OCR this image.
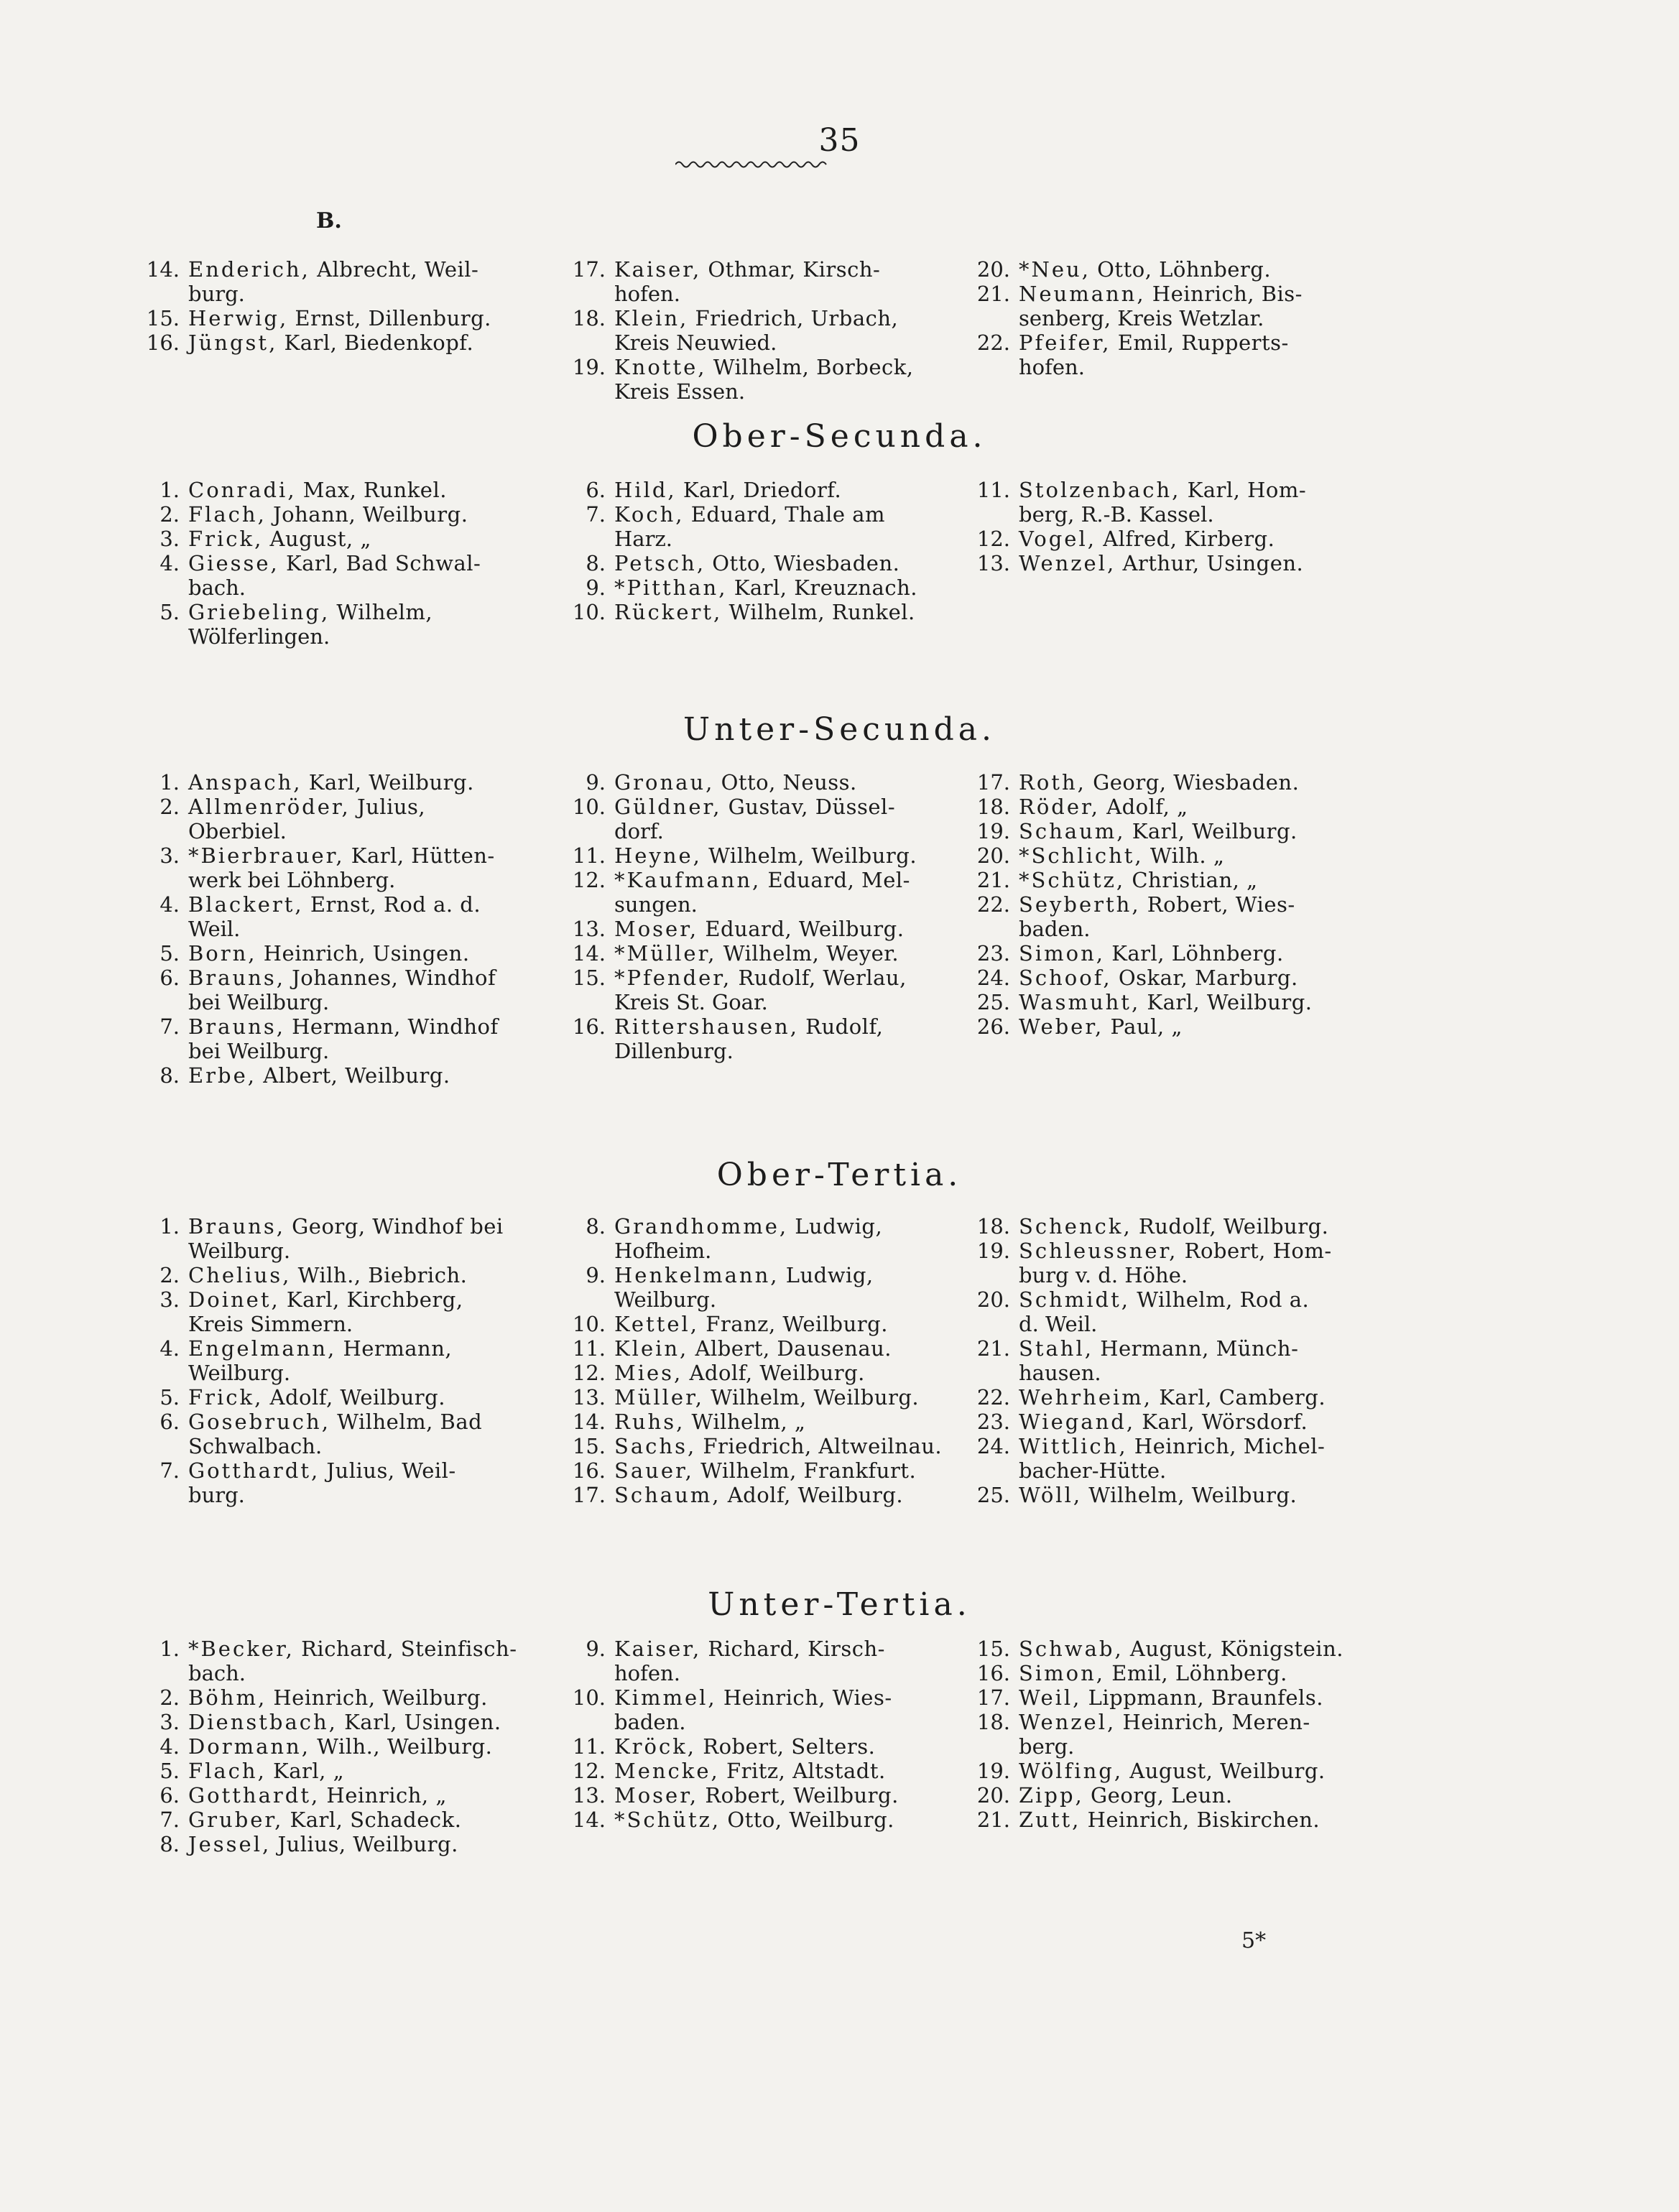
35
B.
14. Enderich, Albrecht, Weil-
burg.
15. Herwig, Ernst, Dillenburg.
16. Jüngst, Karl, Biedenkopf.
17. Kaiser, Othmar, Kirsch-
hofen.
18. Klein, Friedrich, Urbach,
Kreis Neuwied.
19. Knotte, Wilhelm, Borbeck,
Kreis Essen.
20. *Neu, Otto, Löhnberg.
21. Neumann, Heinrich, Bis-
senberg, Kreis Wetzlar.
22. Pfeifer, Emil, Rupperts-
hofen.
Ober-Secunda.
1. Conradi, Max, Runkel.
2. Flach, Johann, Weilburg.
3. Frick, August, „
4. Giesse, Karl, Bad Schwal-
bach.
5. Griebeling, Wilhelm,
Wölferlingen.
6. Hild, Karl, Driedorf.
7. Koch, Eduard, Thale am
Harz.
8. Petsch, Otto, Wiesbaden.
9. *Pitthan, Karl, Kreuznach.
10. Rückert, Wilhelm, Runkel.
11. Stolzenbach, Karl, Hom-
berg, R.-B. Kassel.
12. Vogel, Alfred, Kirberg.
13. Wenzel, Arthur, Usingen.
Unter-Secunda.
1. Anspach, Karl, Weilburg.
2. Allmenröder, Julius,
Oberbiel.
3. *Bierbrauer, Karl, Hütten-
werk bei Löhnberg.
4. Blackert, Ernst, Rod a. d.
Weil.
5. Born, Heinrich, Usingen.
6. Brauns, Johannes, Windhof
bei Weilburg.
7. Brauns, Hermann, Windhof
bei Weilburg.
8. Erbe, Albert, Weilburg.
9. Gronau, Otto, Neuss.
10. Güldner, Gustav, Düssel-
dorf.
11. Heyne, Wilhelm, Weilburg.
12. *Kaufmann, Eduard, Mel-
sungen.
13. Moser, Eduard, Weilburg.
14. *Müller, Wilhelm, Weyer.
15. *Pfender, Rudolf, Werlau,
Kreis St. Goar.
16. Rittershausen, Rudolf,
Dillenburg.
17. Roth, Georg, Wiesbaden.
18. Röder, Adolf, „
19. Schaum, Karl, Weilburg.
20. *Schlicht, Wilh. „
21. *Schütz, Christian, „
22. Seyberth, Robert, Wies-
baden.
23. Simon, Karl, Löhnberg.
24. Schoof, Oskar, Marburg.
25. Wasmuht, Karl, Weilburg.
26. Weber, Paul, „
Ober-Tertia.
1. Brauns, Georg, Windhof bei
Weilburg.
2. Chelius, Wilh., Biebrich.
3. Doinet, Karl, Kirchberg,
Kreis Simmern.
4. Engelmann, Hermann,
Weilburg.
5. Frick, Adolf, Weilburg.
6. Gosebruch, Wilhelm, Bad
Schwalbach.
7. Gotthardt, Julius, Weil-
burg.
8. Grandhomme, Ludwig,
Hofheim.
9. Henkelmann, Ludwig,
Weilburg.
10. Kettel, Franz, Weilburg.
11. Klein, Albert, Dausenau.
12. Mies, Adolf, Weilburg.
13. Müller, Wilhelm, Weilburg.
14. Ruhs, Wilhelm, „
15. Sachs, Friedrich, Altweilnau.
16. Sauer, Wilhelm, Frankfurt.
17. Schaum, Adolf, Weilburg.
18. Schenck, Rudolf, Weilburg.
19. Schleussner, Robert, Hom-
burg v. d. Höhe.
20. Schmidt, Wilhelm, Rod a.
d. Weil.
21. Stahl, Hermann, Münch-
hausen.
22. Wehrheim, Karl, Camberg.
23. Wiegand, Karl, Wörsdorf.
24. Wittlich, Heinrich, Michel-
bacher-Hütte.
25. Wöll, Wilhelm, Weilburg.
Unter-Tertia.
1. *Becker, Richard, Steinfisch-
bach.
2. Böhm, Heinrich, Weilburg.
3. Dienstbach, Karl, Usingen.
4. Dormann, Wilh., Weilburg.
5. Flach, Karl, „
6. Gotthardt, Heinrich, „
7. Gruber, Karl, Schadeck.
8. Jessel, Julius, Weilburg.
9. Kaiser, Richard, Kirsch-
hofen.
10. Kimmel, Heinrich, Wies-
baden.
11. Kröck, Robert, Selters.
12. Mencke, Fritz, Altstadt.
13. Moser, Robert, Weilburg.
14. *Schütz, Otto, Weilburg.
15. Schwab, August, Königstein.
16. Simon, Emil, Löhnberg.
17. Weil, Lippmann, Braunfels.
18. Wenzel, Heinrich, Meren-
berg.
19. Wölfing, August, Weilburg.
20. Zipp, Georg, Leun.
21. Zutt, Heinrich, Biskirchen.
5*
